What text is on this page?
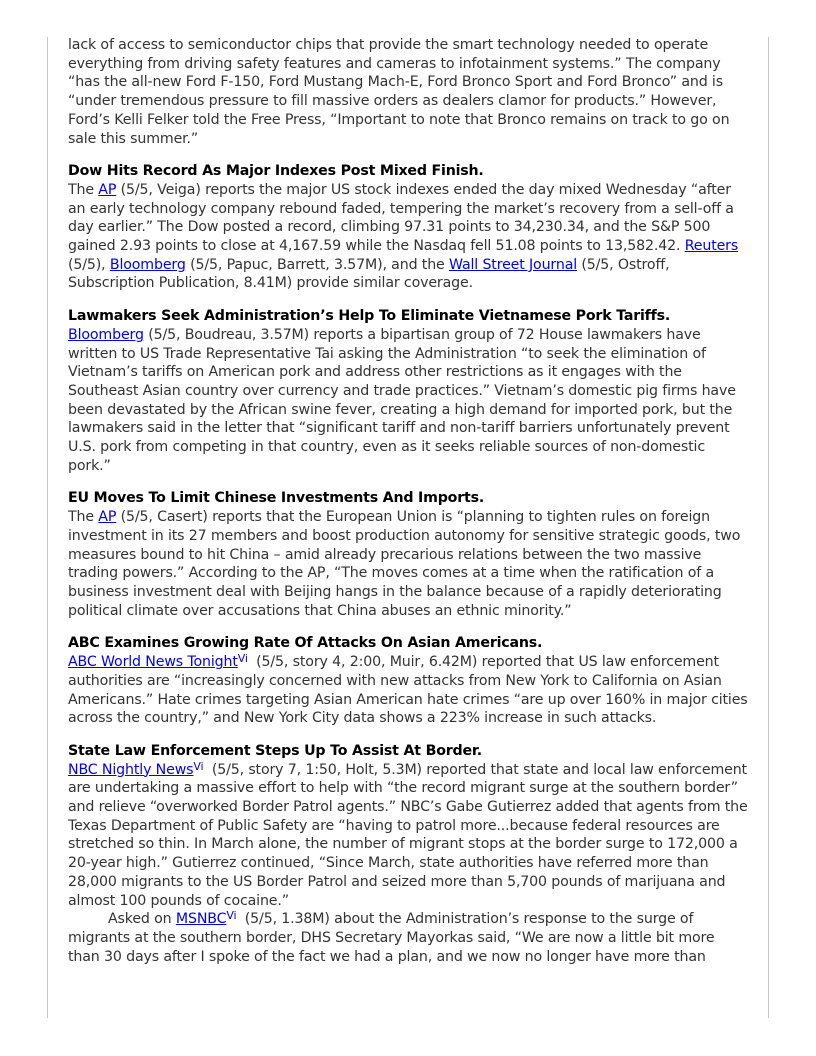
lack of access to semiconductor chips that provide the smart technology needed to operate everything from driving safety features and cameras to infotainment systems.” The company “has the all-new Ford F-150, Ford Mustang Mach-E, Ford Bronco Sport and Ford Bronco” and is “under tremendous pressure to fill massive orders as dealers clamor for products.” However, Ford’s Kelli Felker told the Free Press, “Important to note that Bronco remains on track to go on sale this summer.”

Dow Hits Record As Major Indexes Post Mixed Finish.

The AP (5/5, Veiga) reports the major US stock indexes ended the day mixed Wednesday “after an early technology company rebound faded, tempering the market’s recovery from a sell-off a day earlier.” The Dow posted a record, climbing 97.31 points to 34,230.34, and the S&P 500 gained 2.93 points to close at 4,167.59 while the Nasdaq fell 51.08 points to 13,582.42. Reuters (5/5), Bloomberg (5/5, Papuc, Barrett, 3.57M), and the Wall Street Journal (5/5, Ostroff, Subscription Publication, 8.41M) provide similar coverage.

Lawmakers Seek Administration’s Help To Eliminate Vietnamese Pork Tariffs.

Bloomberg (5/5, Boudreau, 3.57M) reports a bipartisan group of 72 House lawmakers have written to US Trade Representative Tai asking the Administration “to seek the elimination of Vietnam’s tariffs on American pork and address other restrictions as it engages with the Southeast Asian country over currency and trade practices.” Vietnam’s domestic pig firms have been devastated by the African swine fever, creating a high demand for imported pork, but the lawmakers said in the letter that “significant tariff and non-tariff barriers unfortunately prevent U.S. pork from competing in that country, even as it seeks reliable sources of non-domestic pork.”

EU Moves To Limit Chinese Investments And Imports.

The AP (5/5, Casert) reports that the European Union is “planning to tighten rules on foreign investment in its 27 members and boost production autonomy for sensitive strategic goods, two measures bound to hit China – amid already precarious relations between the two massive trading powers.” According to the AP, “The moves comes at a time when the ratification of a business investment deal with Beijing hangs in the balance because of a rapidly deteriorating political climate over accusations that China abuses an ethnic minority.”

ABC Examines Growing Rate Of Attacks On Asian Americans.

ABC World News Tonight$^{Vi}$ (5/5, story 4, 2:00, Muir, 6.42M) reported that US law enforcement authorities are “increasingly concerned with new attacks from New York to California on Asian Americans.” Hate crimes targeting Asian American hate crimes “are up over 160% in major cities across the country,” and New York City data shows a 223% increase in such attacks.

State Law Enforcement Steps Up To Assist At Border.

NBC Nightly News$^{Vi}$ (5/5, story 7, 1:50, Holt, 5.3M) reported that state and local law enforcement are undertaking a massive effort to help with “the record migrant surge at the southern border” and relieve “overworked Border Patrol agents.” NBC’s Gabe Gutierrez added that agents from the Texas Department of Public Safety are “having to patrol more...because federal resources are stretched so thin. In March alone, the number of migrant stops at the border surge to 172,000 a 20-year high.” Gutierrez continued, “Since March, state authorities have referred more than 28,000 migrants to the US Border Patrol and seized more than 5,700 pounds of marijuana and almost 100 pounds of cocaine.”

Asked on $MSNBC^{Vi}$ (5/5, 1.38M) about the Administration’s response to the surge of migrants at the southern border, DHS Secretary Mayorkas said, “We are now a little bit more than 30 days after I spoke of the fact we had a plan, and we now no longer have more than
